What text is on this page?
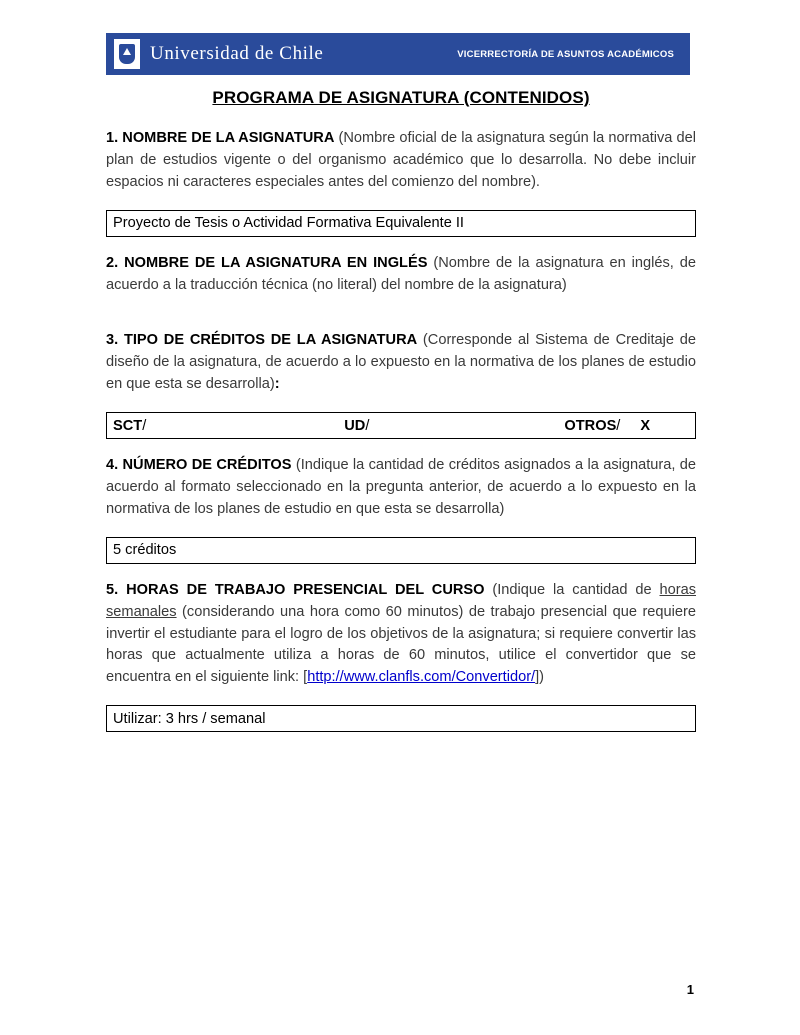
Universidad de Chile	VICERRECTORÍA DE ASUNTOS ACADÉMICOS
PROGRAMA DE ASIGNATURA (CONTENIDOS)

1. NOMBRE DE LA ASIGNATURA (Nombre oficial de la asignatura según la normativa del plan de estudios vigente o del organismo académico que lo desarrolla. No debe incluir espacios ni caracteres especiales antes del comienzo del nombre).

Proyecto de Tesis o Actividad Formativa Equivalente II

2. NOMBRE DE LA ASIGNATURA EN INGLÉS (Nombre de la asignatura en inglés, de acuerdo a la traducción técnica (no literal) del nombre de la asignatura)

3. TIPO DE CRÉDITOS DE LA ASIGNATURA (Corresponde al Sistema de Creditaje de diseño de la asignatura, de acuerdo a lo expuesto en la normativa de los planes de estudio en que esta se desarrolla):

SCT /	UD /	OTROS / X

4. NÚMERO DE CRÉDITOS (Indique la cantidad de créditos asignados a la asignatura, de acuerdo al formato seleccionado en la pregunta anterior, de acuerdo a lo expuesto en la normativa de los planes de estudio en que esta se desarrolla)

5 créditos

5. HORAS DE TRABAJO PRESENCIAL DEL CURSO (Indique la cantidad de horas semanales (considerando una hora como 60 minutos) de trabajo presencial que requiere invertir el estudiante para el logro de los objetivos de la asignatura; si requiere convertir las horas que actualmente utiliza a horas de 60 minutos, utilice el convertidor que se encuentra en el siguiente link: [http://www.clanfls.com/Convertidor/])

Utilizar: 3 hrs / semanal
1
